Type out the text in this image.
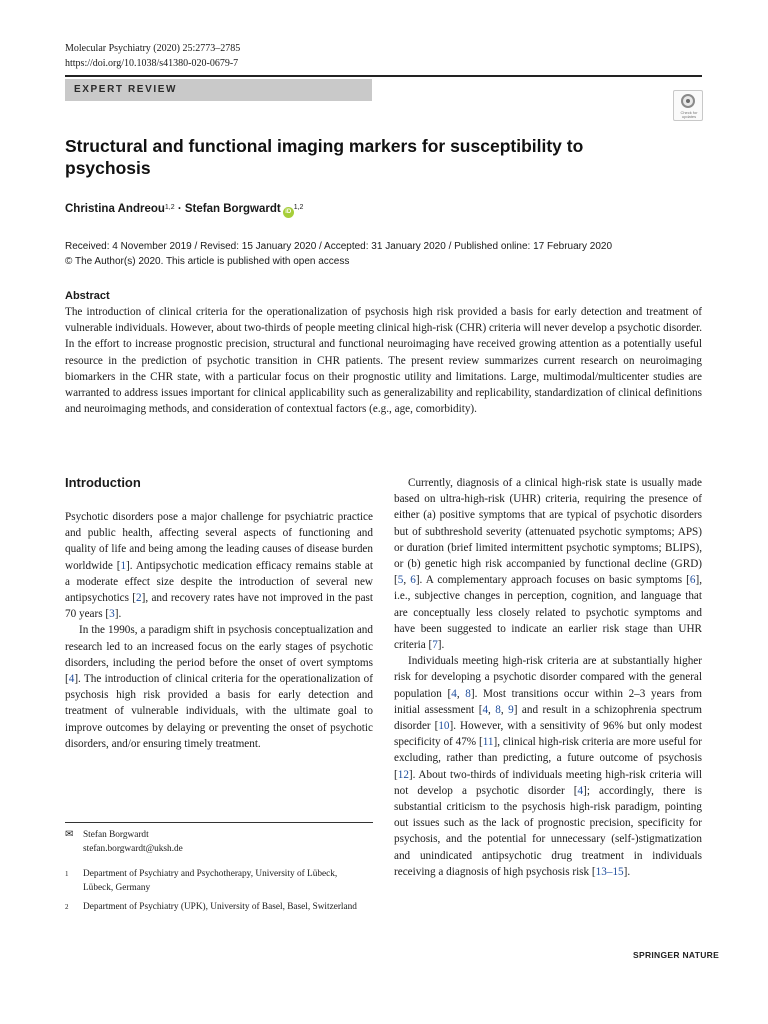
Molecular Psychiatry (2020) 25:2773–2785
https://doi.org/10.1038/s41380-020-0679-7
EXPERT REVIEW
Check for updates
Structural and functional imaging markers for susceptibility to psychosis
Christina Andreou$^{1,2}$ · Stefan Borgwardt iD$^{1,2}$
Received: 4 November 2019 / Revised: 15 January 2020 / Accepted: 31 January 2020 / Published online: 17 February 2020
© The Author(s) 2020. This article is published with open access
Abstract
The introduction of clinical criteria for the operationalization of psychosis high risk provided a basis for early detection and treatment of vulnerable individuals. However, about two-thirds of people meeting clinical high-risk (CHR) criteria will never develop a psychotic disorder. In the effort to increase prognostic precision, structural and functional neuroimaging have received growing attention as a potentially useful resource in the prediction of psychotic transition in CHR patients. The present review summarizes current research on neuroimaging biomarkers in the CHR state, with a particular focus on their prognostic utility and limitations. Large, multimodal/multicenter studies are warranted to address issues important for clinical applicability such as generalizability and replicability, standardization of clinical definitions and neuroimaging methods, and consideration of contextual factors (e.g., age, comorbidity).
Introduction

Psychotic disorders pose a major challenge for psychiatric practice and public health, affecting several aspects of functioning and quality of life and being among the leading causes of disease burden worldwide [1]. Antipsychotic medication efficacy remains stable at a moderate effect size despite the introduction of several new antipsychotics [2], and recovery rates have not improved in the past 70 years [3].

In the 1990s, a paradigm shift in psychosis conceptualization and research led to an increased focus on the early stages of psychotic disorders, including the period before the onset of overt symptoms [4]. The introduction of clinical criteria for the operationalization of psychosis high risk provided a basis for early detection and treatment of vulnerable individuals, with the ultimate goal to improve outcomes by delaying or preventing the onset of psychotic disorders, and/or ensuring timely treatment.

Currently, diagnosis of a clinical high-risk state is usually made based on ultra-high-risk (UHR) criteria, requiring the presence of either (a) positive symptoms that are typical of psychotic disorders but of subthreshold severity (attenuated psychotic symptoms; APS) or duration (brief limited intermittent psychotic symptoms; BLIPS), or (b) genetic high risk accompanied by functional decline (GRD) [5, 6]. A complementary approach focuses on basic symptoms [6], i.e., subjective changes in perception, cognition, and language that are conceptually less closely related to psychotic symptoms and have been suggested to indicate an earlier risk stage than UHR criteria [7].

Individuals meeting high-risk criteria are at substantially higher risk for developing a psychotic disorder compared with the general population [4, 8]. Most transitions occur within 2–3 years from initial assessment [4, 8, 9] and result in a schizophrenia spectrum disorder [10]. However, with a sensitivity of 96% but only modest specificity of 47% [11], clinical high-risk criteria are more useful for excluding, rather than predicting, a future outcome of psychosis [12]. About two-thirds of individuals meeting high-risk criteria will not develop a psychotic disorder [4]; accordingly, there is substantial criticism to the psychosis high-risk paradigm, pointing out issues such as the lack of prognostic precision, specificity for psychosis, and the potential for unnecessary (self-)stigmatization and unindicated antipsychotic drug treatment in individuals receiving a diagnosis of high psychosis risk [13–15].

✉ Stefan Borgwardt
stefan.borgwardt@uksh.de
1 Department of Psychiatry and Psychotherapy, University of Lübeck, Lübeck, Germany
2 Department of Psychiatry (UPK), University of Basel, Basel, Switzerland
SPRINGER NATURE
